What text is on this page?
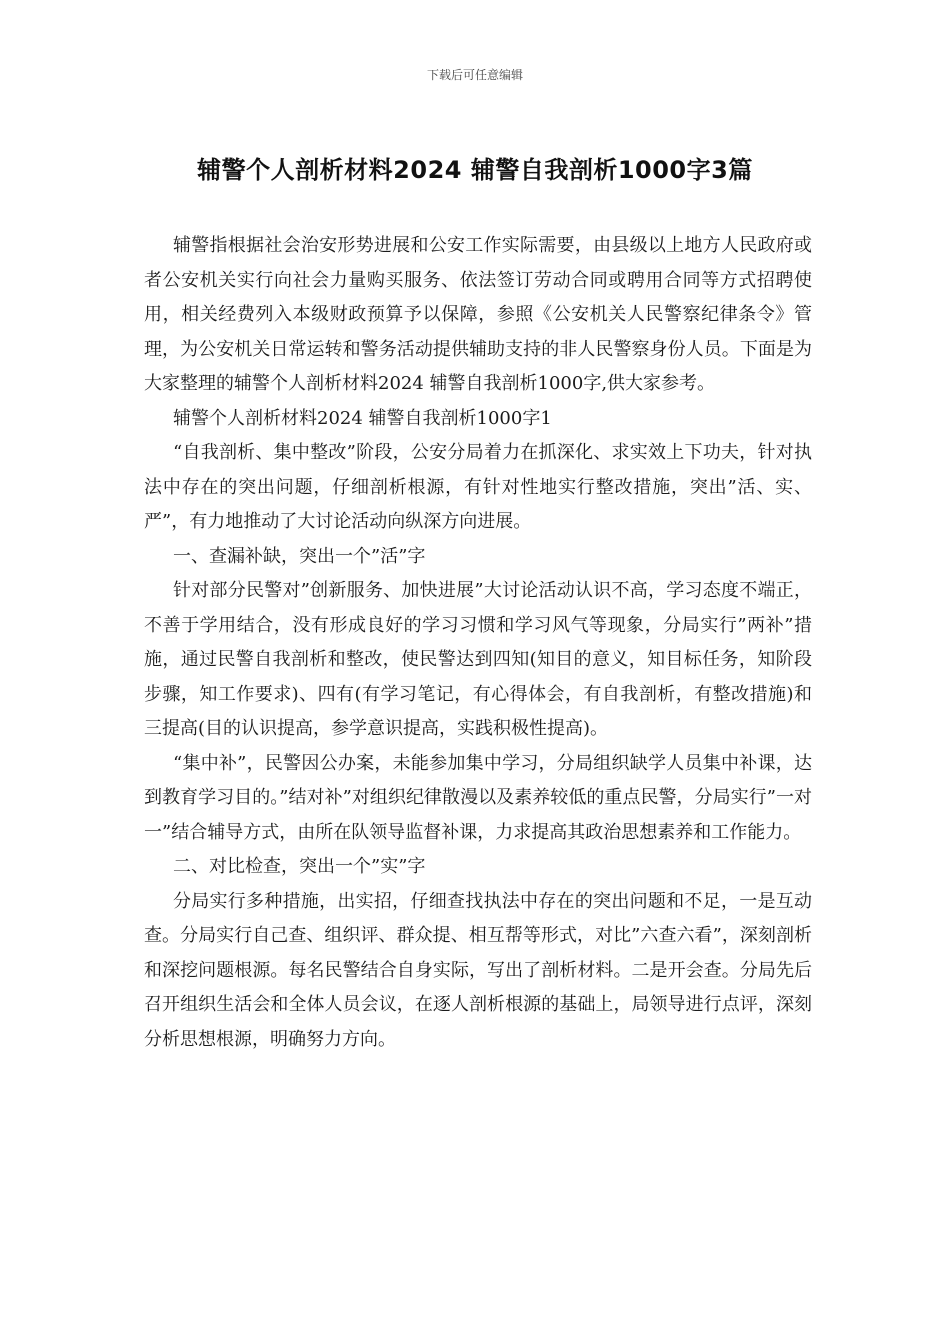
下载后可任意编辑
辅警个人剖析材料2024 辅警自我剖析1000字3篇

辅警指根据社会治安形势进展和公安工作实际需要，由县级以上地方人民政府或者公安机关实行向社会力量购买服务、依法签订劳动合同或聘用合同等方式招聘使用，相关经费列入本级财政预算予以保障，参照《公安机关人民警察纪律条令》管理，为公安机关日常运转和警务活动提供辅助支持的非人民警察身份人员。下面是为大家整理的辅警个人剖析材料2024 辅警自我剖析1000字,供大家参考。

辅警个人剖析材料2024 辅警自我剖析1000字1

“自我剖析、集中整改”阶段，公安分局着力在抓深化、求实效上下功夫，针对执法中存在的突出问题，仔细剖析根源，有针对性地实行整改措施，突出”活、实、严”，有力地推动了大讨论活动向纵深方向进展。

一、查漏补缺，突出一个”活”字

针对部分民警对”创新服务、加快进展”大讨论活动认识不高，学习态度不端正，不善于学用结合，没有形成良好的学习习惯和学习风气等现象，分局实行”两补”措施，通过民警自我剖析和整改，使民警达到四知(知目的意义，知目标任务，知阶段步骤，知工作要求)、四有(有学习笔记，有心得体会，有自我剖析，有整改措施)和三提高(目的认识提高，参学意识提高，实践积极性提高)。

“集中补”，民警因公办案，未能参加集中学习，分局组织缺学人员集中补课，达到教育学习目的。”结对补”对组织纪律散漫以及素养较低的重点民警，分局实行”一对一”结合辅导方式，由所在队领导监督补课，力求提高其政治思想素养和工作能力。

二、对比检查，突出一个”实”字

分局实行多种措施，出实招，仔细查找执法中存在的突出问题和不足，一是互动查。分局实行自己查、组织评、群众提、相互帮等形式，对比”六查六看”，深刻剖析和深挖问题根源。每名民警结合自身实际，写出了剖析材料。二是开会查。分局先后召开组织生活会和全体人员会议，在逐人剖析根源的基础上，局领导进行点评，深刻分析思想根源，明确努力方向。
